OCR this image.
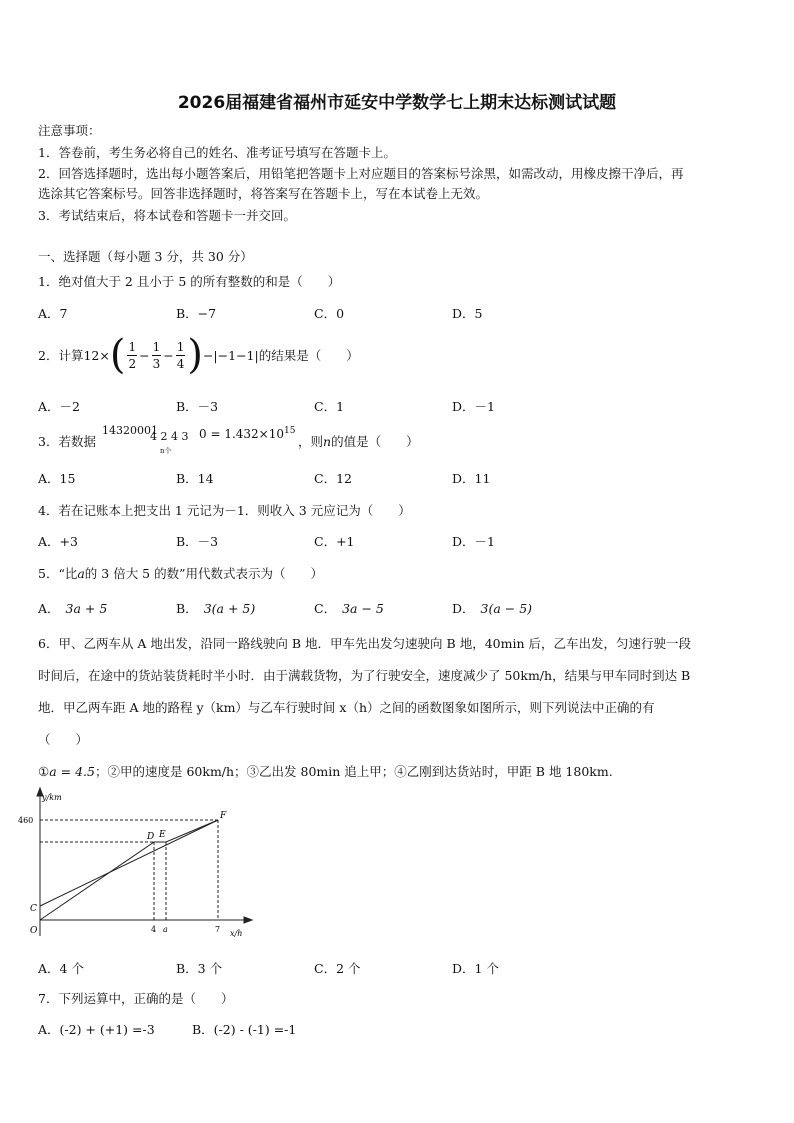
2026届福建省福州市延安中学数学七上期末达标测试试题
注意事项：
1．答卷前，考生务必将自己的姓名、准考证号填写在答题卡上。
2．回答选择题时，选出每小题答案后，用铅笔把答题卡上对应题目的答案标号涂黑，如需改动，用橡皮擦干净后，再
选涂其它答案标号。回答非选择题时，将答案写在答题卡上，写在本试卷上无效。
3．考试结束后，将本试卷和答题卡一并交回。
一、选择题（每小题 3 分，共 30 分）
1．绝对值大于 2 且小于 5 的所有整数的和是（　　）
A．7	B．−7	C．0	D．5
2．计算 12× ( $\frac{1}{2} - \frac{1}{3} - \frac{1}{4}$ ) −|−1−1| 的结果是（　　）
A．－2	B．－3	C．1	D．－1
3．若数据
14320001
4 2 4 3
n个
$0 = 1.432\times 10^{15}$
，则n的值是（　　）
A．15	B．14	C．12	D．11
4．若在记账本上把支出 1 元记为－1．则收入 3 元应记为（　　）
A．+3	B．－3	C．+1	D．－1
5．“比a的 3 倍大 5 的数”用代数式表示为（　　）
A． 3a + 5	B． 3(a + 5)	C． 3a − 5	D． 3(a − 5)
6．甲、乙两车从 A 地出发，沿同一路线驶向 B 地．甲车先出发匀速驶向 B 地，40min 后，乙车出发，匀速行驶一段
时间后，在途中的货站装货耗时半小时．由于满载货物，为了行驶安全，速度减少了 50km/h，结果与甲车同时到达 B
地．甲乙两车距 A 地的路程 y（km）与乙车行驶时间 x（h）之间的函数图象如图所示，则下列说法中正确的有
（　　）
①a = 4.5；②甲的速度是 60km/h；③乙出发 80min 追上甲；④乙刚到达货站时，甲距 B 地 180km.
y/km
x/h
460
4 a	7
O
C
D E
F
A．4 个	B．3 个	C．2 个	D．1 个
7．下列运算中，正确的是（　　）
A．(-2) + (+1) =-3	B．(-2) - (-1) =-1
